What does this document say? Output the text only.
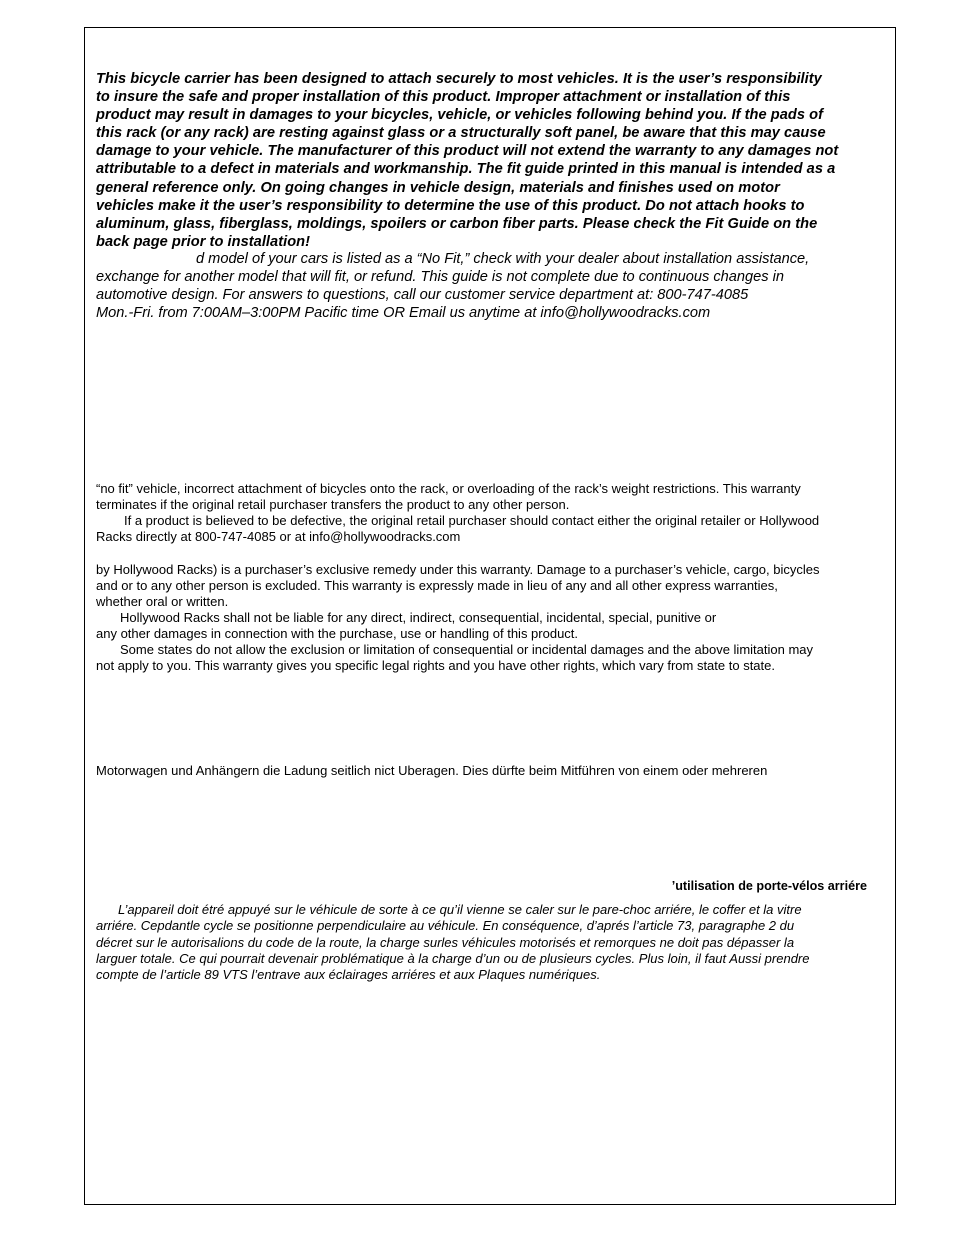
This bicycle carrier has been designed to attach securely to most vehicles. It is the user’s responsibility
to insure the safe and proper installation of this product. Improper attachment or installation of this
product may result in damages to your bicycles, vehicle, or vehicles following behind you. If the pads of
this rack (or any rack) are resting against glass or a structurally soft panel, be aware that this may cause
damage to your vehicle. The manufacturer of this product will not extend the warranty to any damages not
attributable to a defect in materials and workmanship. The fit guide printed in this manual is intended as a
general reference only. On going changes in vehicle design, materials and finishes used on motor
vehicles make it the user’s responsibility to determine the use of this product. Do not attach hooks to
aluminum, glass, fiberglass, moldings, spoilers or carbon fiber parts. Please check the Fit Guide on the
back page prior to installation!
d model of your cars is listed as a “No Fit,” check with your dealer about installation assistance,
exchange for another model that will fit, or refund. This guide is not complete due to continuous changes in
automotive design. For answers to questions, call our customer service department at: 800-747-4085
Mon.-Fri. from 7:00AM–3:00PM Pacific time OR Email us anytime at info@hollywoodracks.com
“no fit” vehicle, incorrect attachment of bicycles onto the rack, or overloading of the rack’s weight restrictions. This warranty
terminates if the original retail purchaser transfers the product to any other person.
If a product is believed to be defective, the original retail purchaser should contact either the original retailer or Hollywood
Racks directly at 800-747-4085 or at info@hollywoodracks.com
by Hollywood Racks) is a purchaser’s exclusive remedy under this warranty. Damage to a purchaser’s vehicle, cargo, bicycles
and or to any other person is excluded. This warranty is expressly made in lieu of any and all other express warranties,
whether oral or written.
Hollywood Racks shall not be liable for any direct, indirect, consequential, incidental, special, punitive or
any other damages in connection with the purchase, use or handling of this product.
Some states do not allow the exclusion or limitation of consequential or incidental damages and the above limitation may
not apply to you. This warranty gives you specific legal rights and you have other rights, which vary from state to state.
Motorwagen und Anhängern die Ladung seitlich nict Uberagen. Dies dürfte beim Mitführen von einem oder mehreren
’utilisation de porte-vélos arriére
L’appareil doit étré appuyé sur le véhicule de sorte à ce qu’il vienne se caler sur le pare-choc arriére, le coffer et la vitre
arriére. Cepdantle cycle se positionne perpendiculaire au véhicule. En conséquence, d’aprés l’article 73, paragraphe 2 du
décret sur le autorisalions du code de la route, la charge surles véhicules motorisés et remorques ne doit pas dépasser la
larguer totale. Ce qui pourrait devenair problématique à la charge d’un ou de plusieurs cycles. Plus loin, il faut Aussi prendre
compte de l’article 89 VTS l’entrave aux éclairages arriéres et aux Plaques numériques.
